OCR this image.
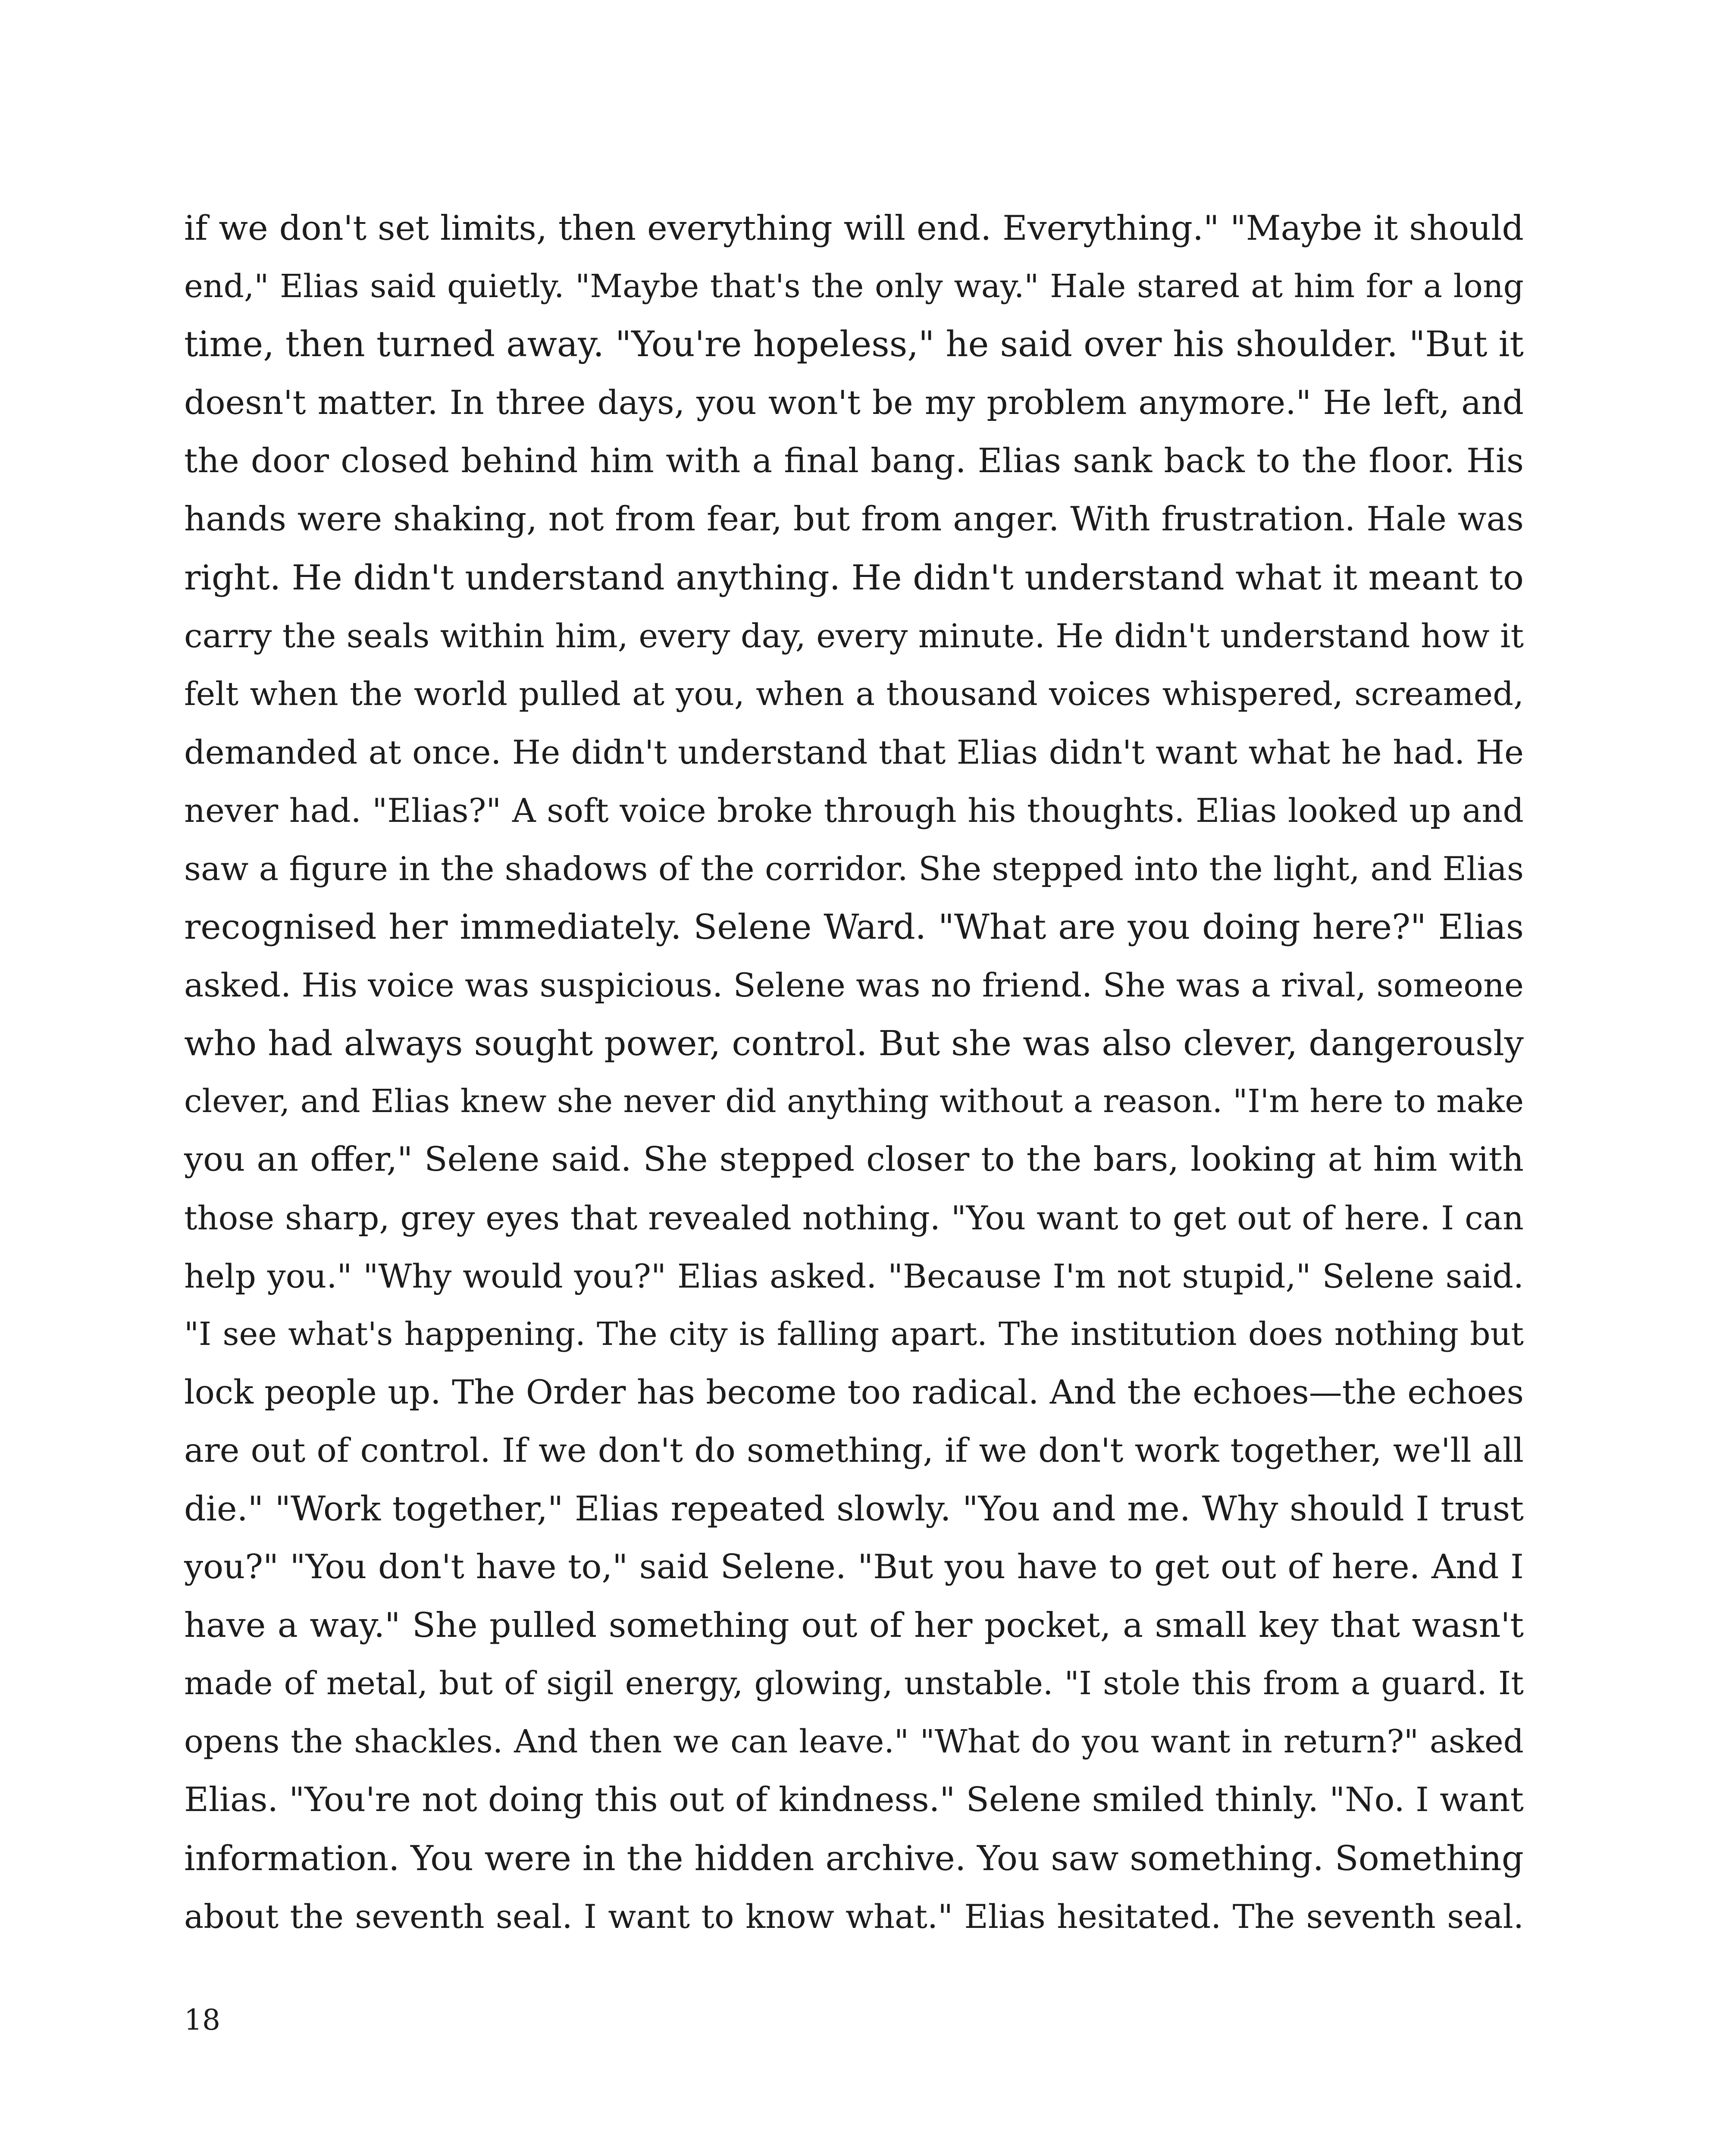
if we don't set limits, then everything will end. Everything." "Maybe it should
end," Elias said quietly. "Maybe that's the only way." Hale stared at him for a long
time, then turned away. "You're hopeless," he said over his shoulder. "But it
doesn't matter. In three days, you won't be my problem anymore." He left, and
the door closed behind him with a final bang. Elias sank back to the floor. His
hands were shaking, not from fear, but from anger. With frustration. Hale was
right. He didn't understand anything. He didn't understand what it meant to
carry the seals within him, every day, every minute. He didn't understand how it
felt when the world pulled at you, when a thousand voices whispered, screamed,
demanded at once. He didn't understand that Elias didn't want what he had. He
never had. "Elias?" A soft voice broke through his thoughts. Elias looked up and
saw a figure in the shadows of the corridor. She stepped into the light, and Elias
recognised her immediately. Selene Ward. "What are you doing here?" Elias
asked. His voice was suspicious. Selene was no friend. She was a rival, someone
who had always sought power, control. But she was also clever, dangerously
clever, and Elias knew she never did anything without a reason. "I'm here to make
you an offer," Selene said. She stepped closer to the bars, looking at him with
those sharp, grey eyes that revealed nothing. "You want to get out of here. I can
help you." "Why would you?" Elias asked. "Because I'm not stupid," Selene said.
"I see what's happening. The city is falling apart. The institution does nothing but
lock people up. The Order has become too radical. And the echoes—the echoes
are out of control. If we don't do something, if we don't work together, we'll all
die." "Work together," Elias repeated slowly. "You and me. Why should I trust
you?" "You don't have to," said Selene. "But you have to get out of here. And I
have a way." She pulled something out of her pocket, a small key that wasn't
made of metal, but of sigil energy, glowing, unstable. "I stole this from a guard. It
opens the shackles. And then we can leave." "What do you want in return?" asked
Elias. "You're not doing this out of kindness." Selene smiled thinly. "No. I want
information. You were in the hidden archive. You saw something. Something
about the seventh seal. I want to know what." Elias hesitated. The seventh seal.
18
